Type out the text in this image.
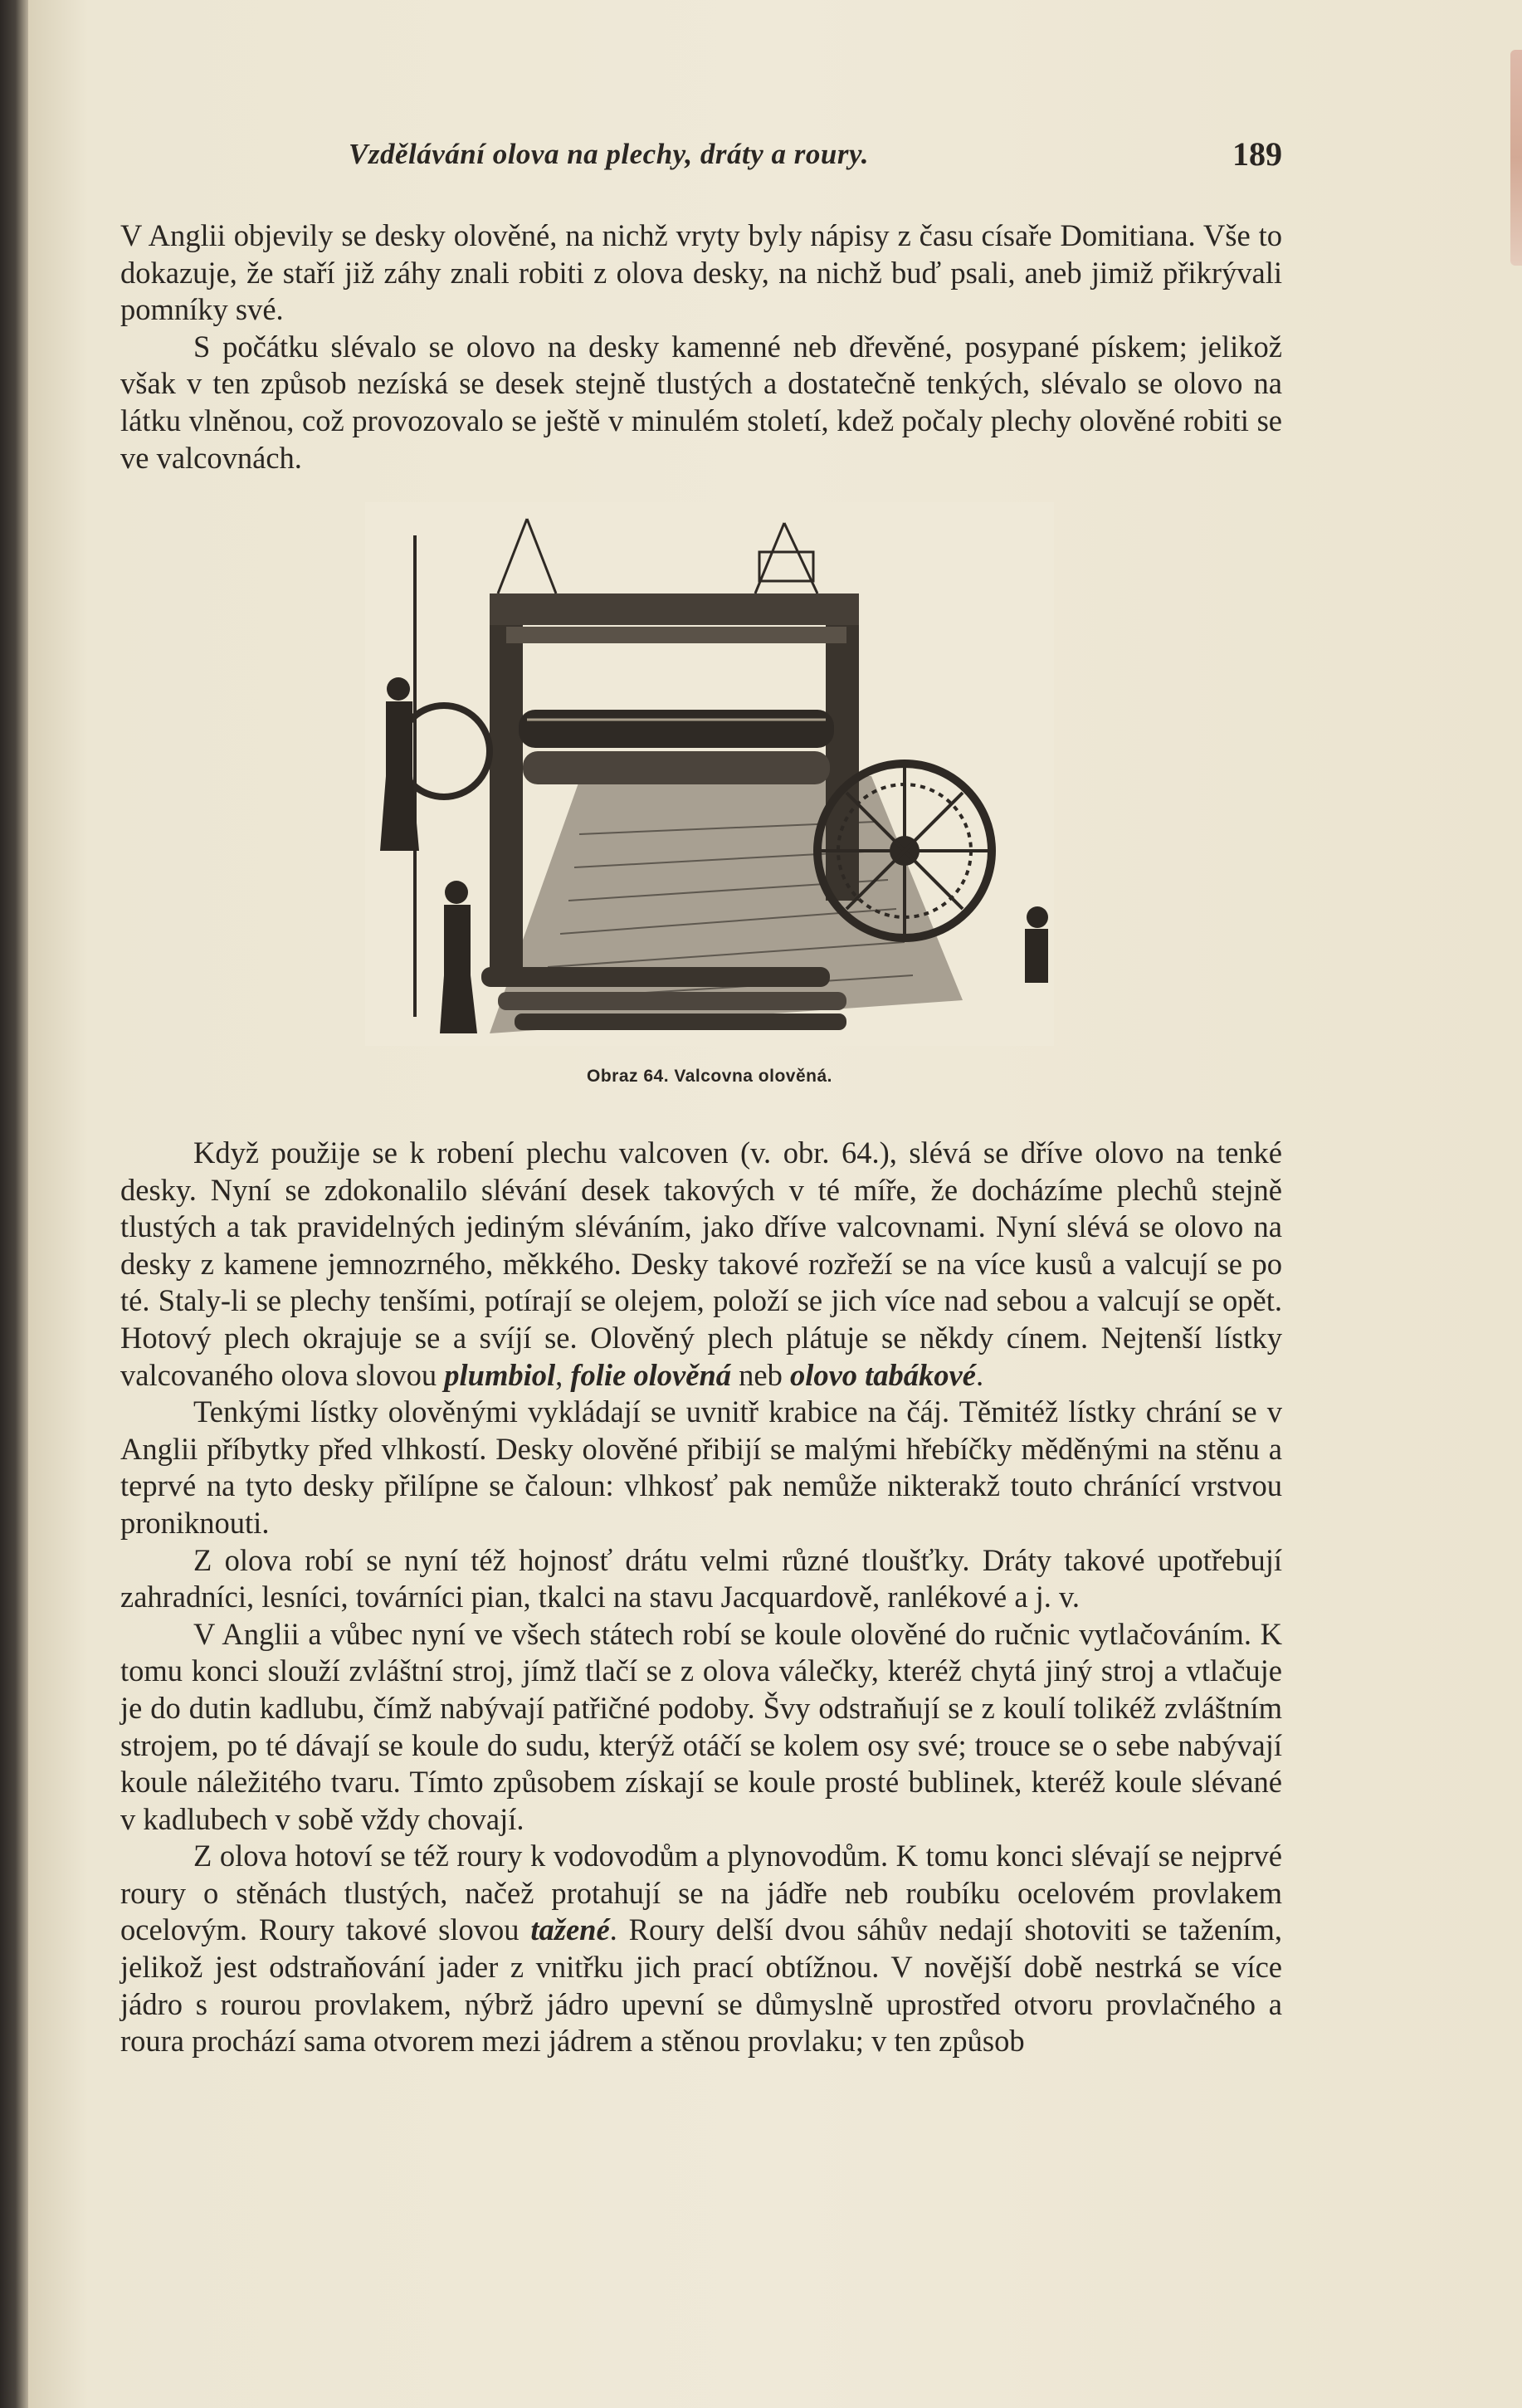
Vzdělávání olova na plechy, dráty a roury.	189

V Anglii objevily se desky olověné, na nichž vryty byly nápisy z času císaře Domitiana. Vše to dokazuje, že staří již záhy znali robiti z olova desky, na nichž buď psali, aneb jimiž přikrývali pomníky své.

S počátku slévalo se olovo na desky kamenné neb dřevěné, posypané pískem; jelikož však v ten způsob nezíská se desek stejně tlustých a dostatečně tenkých, slévalo se olovo na látku vlněnou, což provozovalo se ještě v minulém století, kdež počaly plechy olověné robiti se ve valcovnách.

Obraz 64. Valcovna olověná.

Když použije se k robení plechu valcoven (v. obr. 64.), slévá se dříve olovo na tenké desky. Nyní se zdokonalilo slévání desek takových v té míře, že docházíme plechů stejně tlustých a tak pravidelných jediným sléváním, jako dříve valcovnami. Nyní slévá se olovo na desky z kamene jemnozrného, měkkého. Desky takové rozřeží se na více kusů a valcují se po té. Staly-li se plechy tenšími, potírají se olejem, položí se jich více nad sebou a valcují se opět. Hotový plech okrajuje se a svíjí se. Olověný plech plátuje se někdy cínem. Nejtenší lístky valcovaného olova slovou plumbiol, folie olověná neb olovo tabákové.

Tenkými lístky olověnými vykládají se uvnitř krabice na čáj. Těmitéž lístky chrání se v Anglii příbytky před vlhkostí. Desky olověné přibijí se malými hřebíčky měděnými na stěnu a teprvé na tyto desky přilípne se čaloun: vlhkosť pak nemůže nikterakž touto chránící vrstvou proniknouti.

Z olova robí se nyní též hojnosť drátu velmi různé tloušťky. Dráty takové upotřebují zahradníci, lesníci, továrníci pian, tkalci na stavu Jacquardově, ranlékové a j. v.

V Anglii a vůbec nyní ve všech státech robí se koule olověné do ručnic vytlačováním. K tomu konci slouží zvláštní stroj, jímž tlačí se z olova válečky, kteréž chytá jiný stroj a vtlačuje je do dutin kadlubu, čímž nabývají patřičné podoby. Švy odstraňují se z koulí tolikéž zvláštním strojem, po té dávají se koule do sudu, kterýž otáčí se kolem osy své; trouce se o sebe nabývají koule náležitého tvaru. Tímto způsobem získají se koule prosté bublinek, kteréž koule slévané v kadlubech v sobě vždy chovají.

Z olova hotoví se též roury k vodovodům a plynovodům. K tomu konci slévají se nejprvé roury o stěnách tlustých, načež protahují se na jádře neb roubíku ocelovém provlakem ocelovým. Roury takové slovou tažené. Roury delší dvou sáhův nedají shotoviti se tažením, jelikož jest odstraňování jader z vnitřku jich prací obtížnou. V novější době nestrká se více jádro s rourou provlakem, nýbrž jádro upevní se důmyslně uprostřed otvoru provlačného a roura prochází sama otvorem mezi jádrem a stěnou provlaku; v ten způsob
